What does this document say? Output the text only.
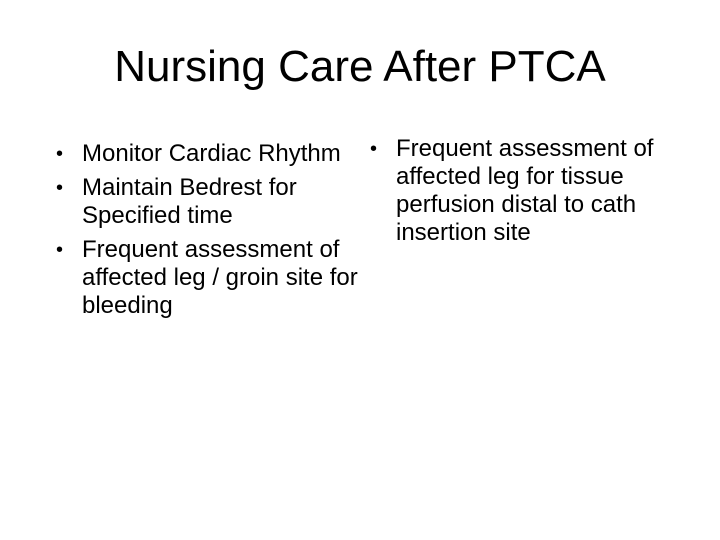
Nursing Care After PTCA
• Monitor Cardiac Rhythm
• Maintain Bedrest for Specified time
• Frequent assessment of affected leg / groin site for bleeding
• Frequent assessment of affected leg for tissue perfusion distal to cath insertion site
